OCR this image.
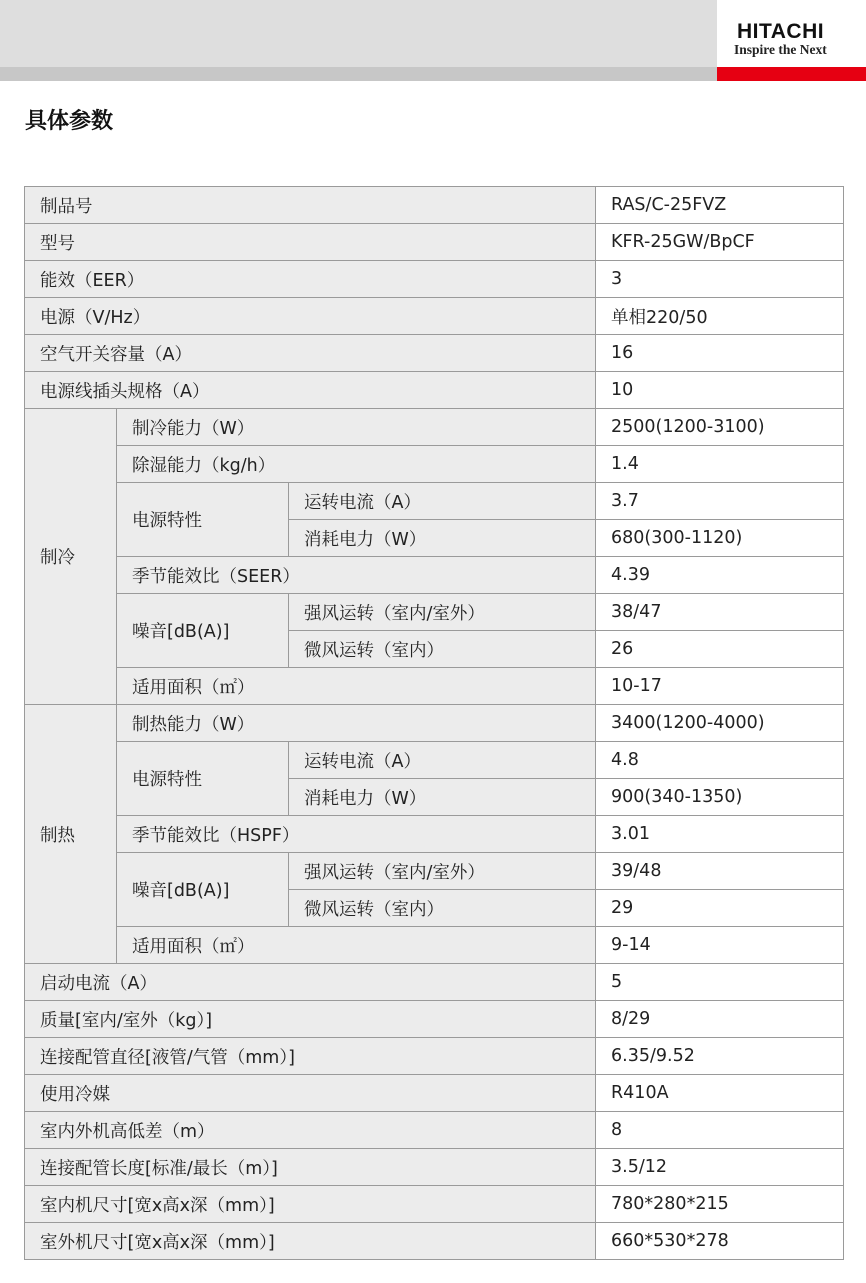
HITACHI
Inspire the Next
具体参数
制品号			RAS/C-25FVZ
型号			KFR-25GW/BpCF
能效（EER）			3
电源（V/Hz）			单相220/50
空气开关容量（A）			16
电源线插头规格（A）			10
制冷	制冷能力（W）		2500(1200-3100)
	除湿能力（kg/h）		1.4
	电源特性	运转电流（A）	3.7
		消耗电力（W）	680(300-1120)
	季节能效比（SEER）		4.39
	噪音[dB(A)]	强风运转（室内/室外）	38/47
		微风运转（室内）	26
	适用面积（㎡）		10-17
制热	制热能力（W）		3400(1200-4000)
	电源特性	运转电流（A）	4.8
		消耗电力（W）	900(340-1350)
	季节能效比（HSPF）		3.01
	噪音[dB(A)]	强风运转（室内/室外）	39/48
		微风运转（室内）	29
	适用面积（㎡）		9-14
启动电流（A）			5
质量[室内/室外（kg）]			8/29
连接配管直径[液管/气管（mm）]			6.35/9.52
使用冷媒			R410A
室内外机高低差（m）			8
连接配管长度[标准/最长（m）]			3.5/12
室内机尺寸[宽x高x深（mm）]			780*280*215
室外机尺寸[宽x高x深（mm）]			660*530*278
